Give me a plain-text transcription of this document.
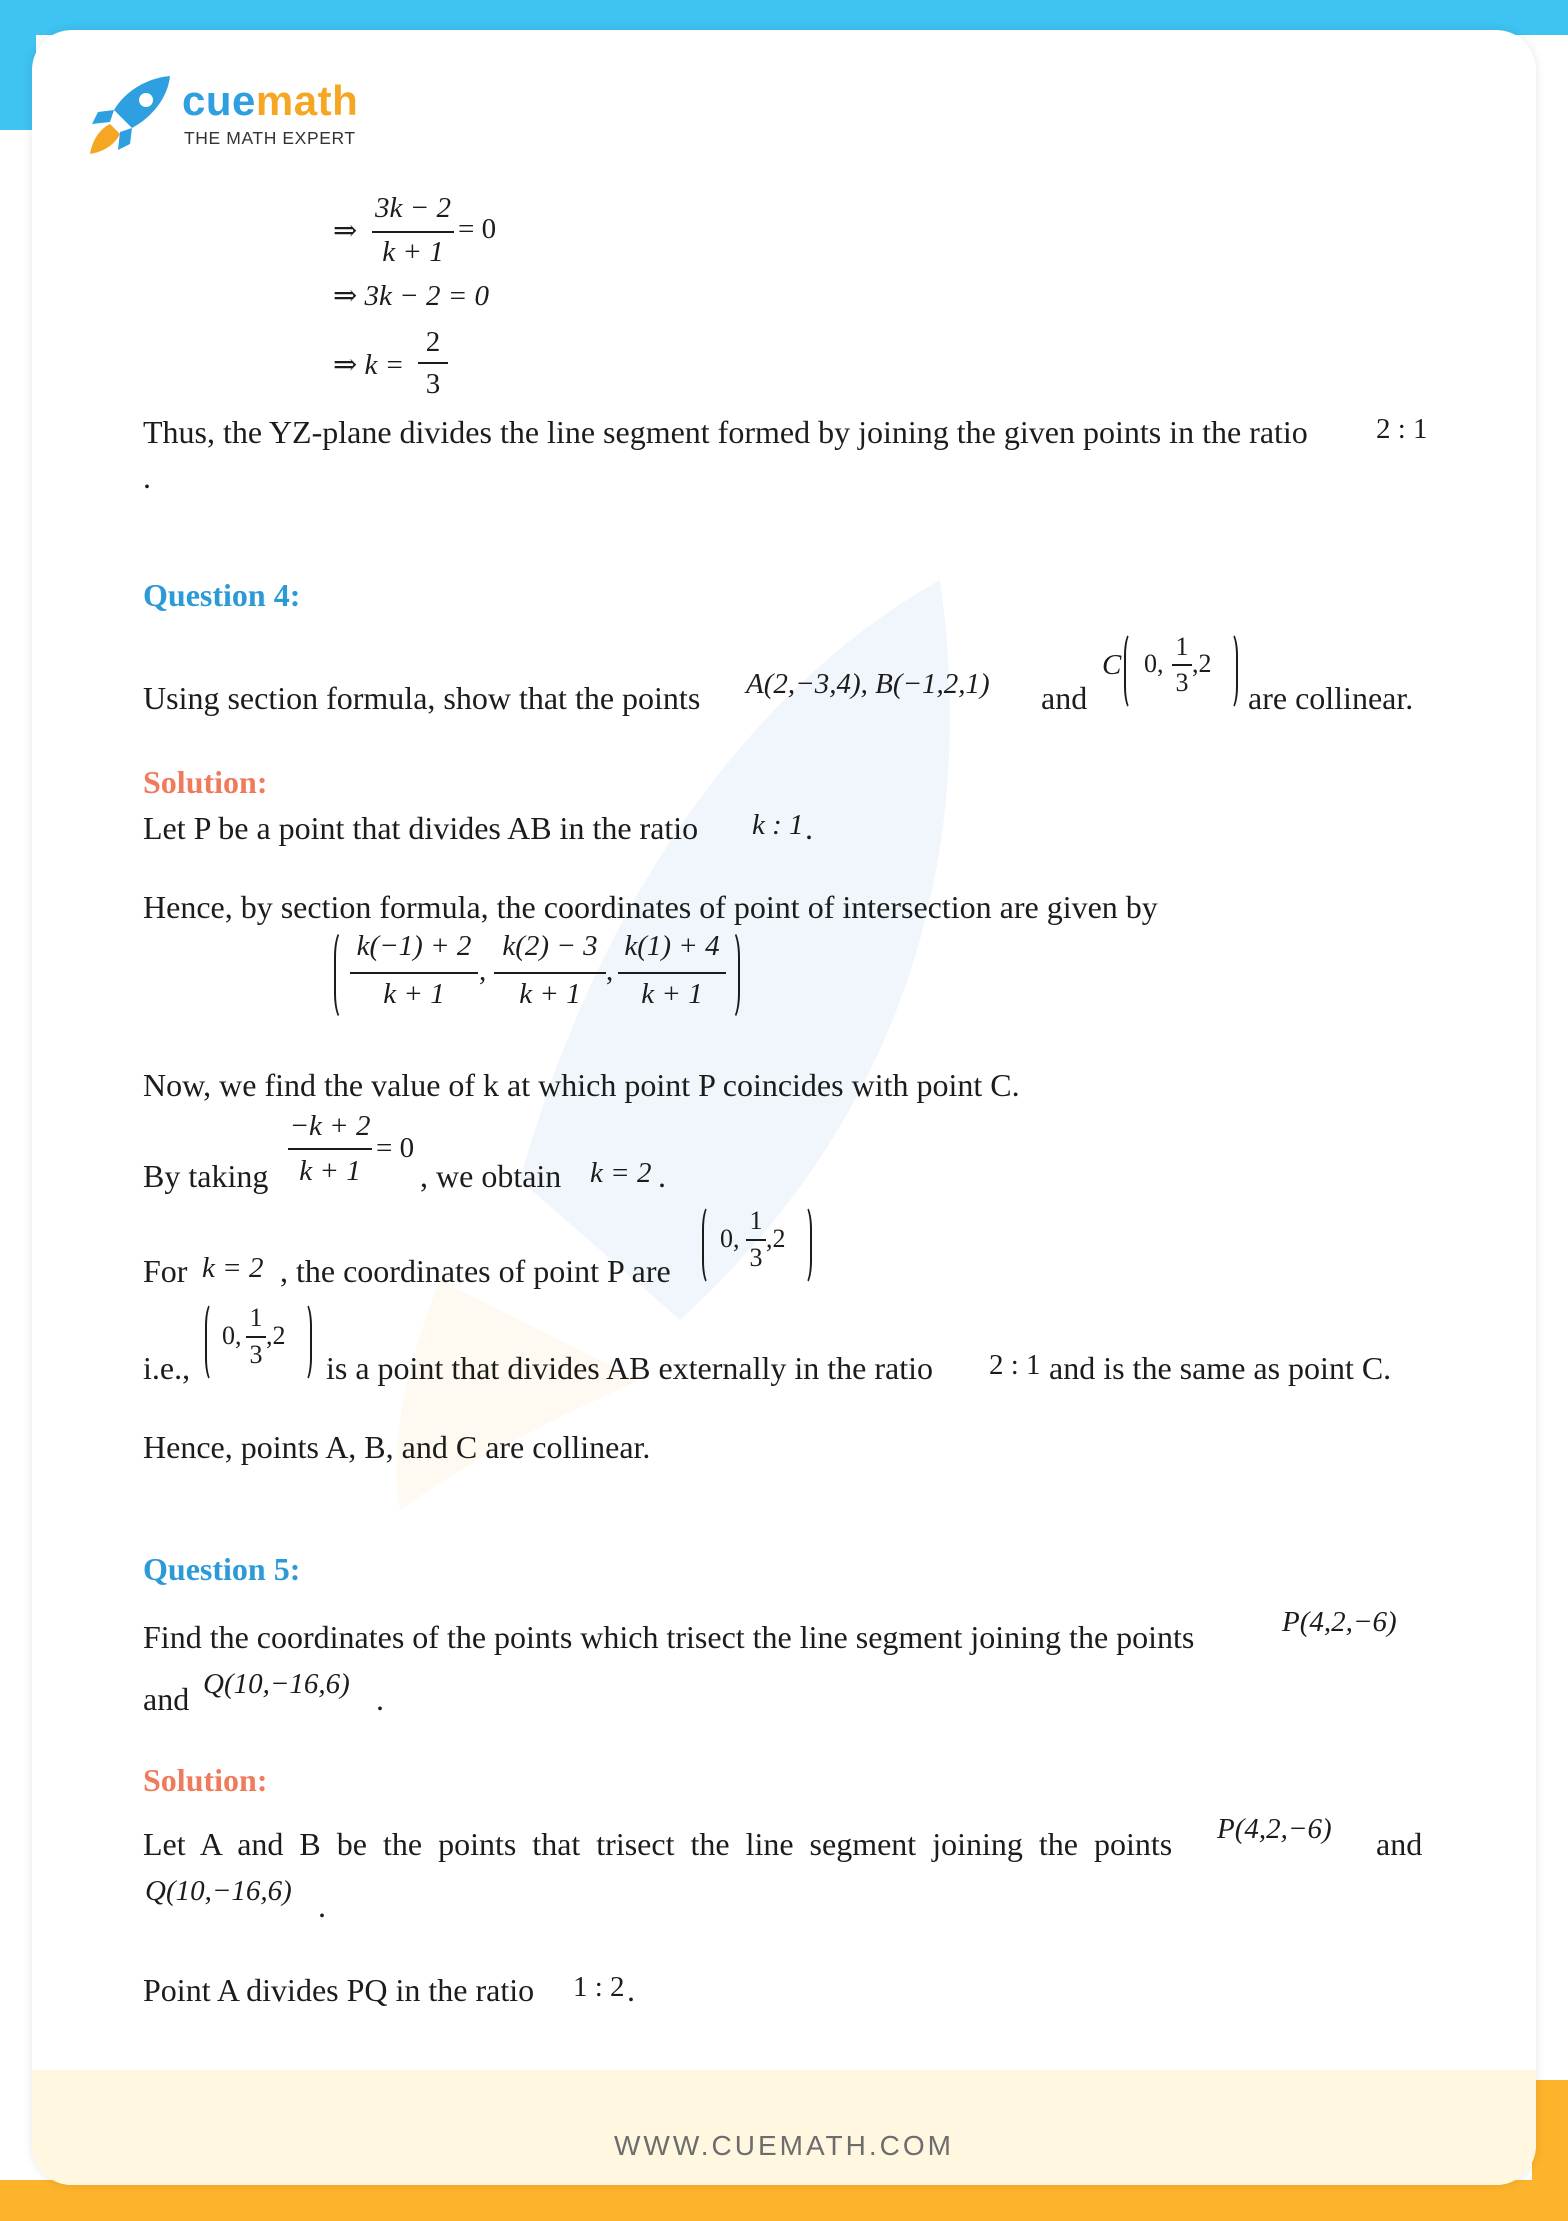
WWW.CUEMATH.COM
cuemath
THE MATH EXPERT
⇒
3k − 2
k + 1
= 0
⇒ 3k − 2 = 0
⇒ k =
2
3
Thus, the YZ-plane divides the line segment formed by joining the given points in the ratio 2 : 1
.
Question 4:
Using section formula, show that the points A(2,−3,4), B(−1,2,1) and
C 0,
1
3
,2
are collinear.
Solution:
Let P be a point that divides AB in the ratio k : 1 .
Hence, by section formula, the coordinates of point of intersection are given by
k(−1) + 2
k + 1
,
k(2) − 3
k + 1
,
k(1) + 4
k + 1
Now, we find the value of k at which point P coincides with point C.
By taking
−k + 2
k + 1
= 0
, we obtain k = 2 .
For k = 2 , the coordinates of point P are
0,
1
3
,2
i.e.,
0,
1
3
,2
is a point that divides AB externally in the ratio 2 : 1 and is the same as point C.
Hence, points A, B, and C are collinear.
Question 5:
Find the coordinates of the points which trisect the line segment joining the points	P(4,2,−6)
and Q(10,−16,6) .
Solution:
Let  A  and  B  be  the  points  that  trisect  the  line  segment  joining  the  points P(4,2,−6) and
Q(10,−16,6) .
Point A divides PQ in the ratio 1 : 2 .
